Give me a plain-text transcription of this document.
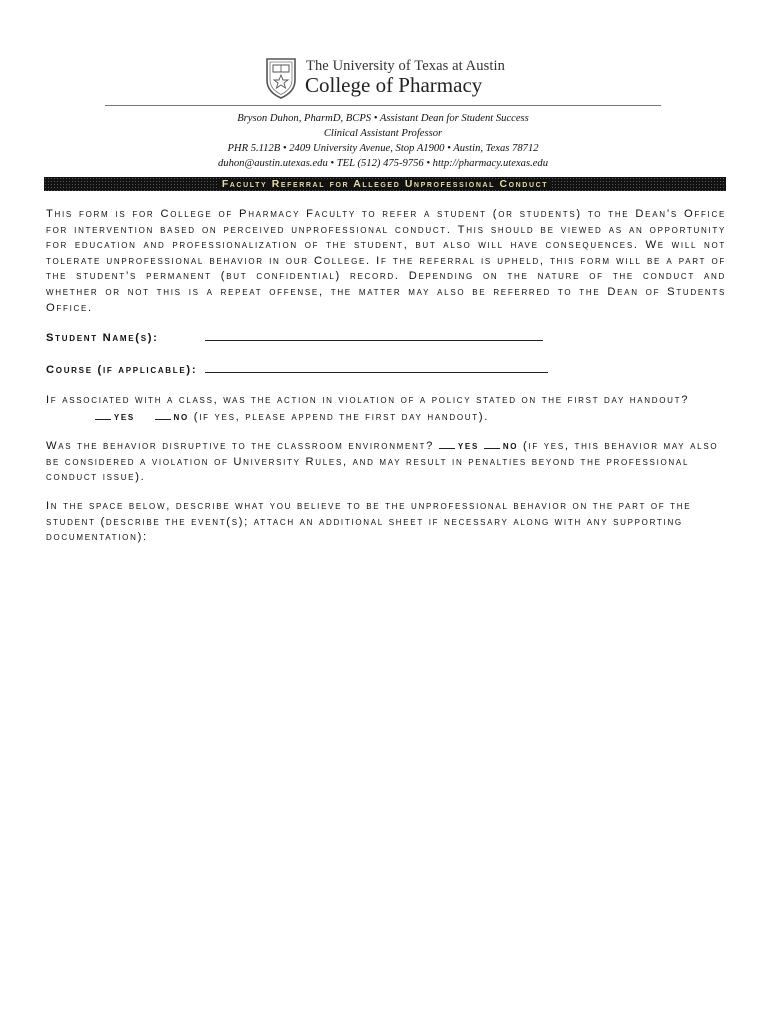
The University of Texas at Austin
College of Pharmacy
Bryson Duhon, PharmD, BCPS • Assistant Dean for Student Success
Clinical Assistant Professor
PHR 5.112B • 2409 University Avenue, Stop A1900 • Austin, Texas 78712
duhon@austin.utexas.edu • TEL (512) 475-9756 • http://pharmacy.utexas.edu
Faculty Referral for Alleged Unprofessional Conduct
This form is for College of Pharmacy Faculty to refer a student (or students) to the Dean’s Office for intervention based on perceived unprofessional conduct. This should be viewed as an opportunity for education and professionalization of the student, but also will have consequences. We will not tolerate unprofessional behavior in our College. If the referral is upheld, this form will be a part of the student’s permanent (but confidential) record. Depending on the nature of the conduct and whether or not this is a repeat offense, the matter may also be referred to the Dean of Students Office.
Student Name(s):
Course (if applicable):
If associated with a class, was the action in violation of a policy stated on the first day handout?  yes	no (if yes, please append the first day handout).
Was the behavior disruptive to the classroom environment? yes no (if yes, this behavior may also be considered a violation of University Rules, and may result in penalties beyond the professional conduct issue).
In the space below, describe what you believe to be the unprofessional behavior on the part of the student (describe the event(s); attach an additional sheet if necessary along with any supporting documentation):
